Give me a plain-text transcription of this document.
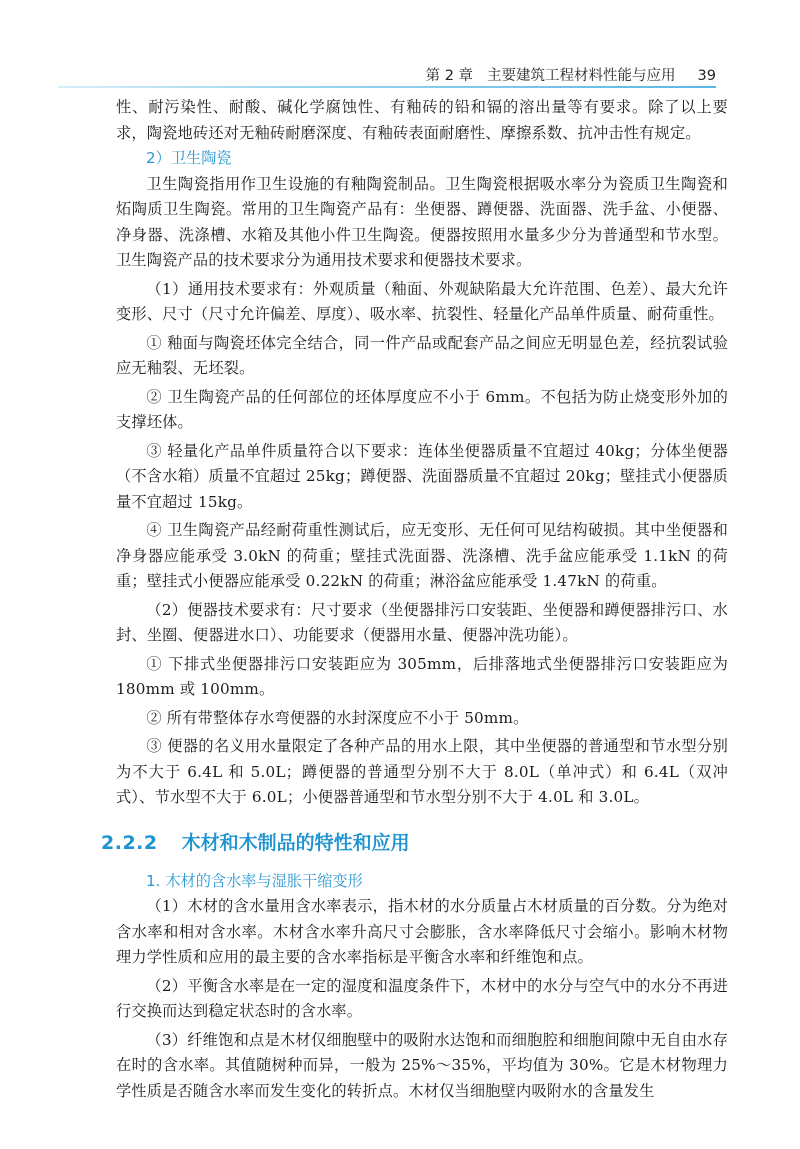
第 2 章 主要建筑工程材料性能与应用 39

性、耐污染性、耐酸、碱化学腐蚀性、有釉砖的铅和镉的溶出量等有要求。除了以上要求，陶瓷地砖还对无釉砖耐磨深度、有釉砖表面耐磨性、摩擦系数、抗冲击性有规定。

2）卫生陶瓷

卫生陶瓷指用作卫生设施的有釉陶瓷制品。卫生陶瓷根据吸水率分为瓷质卫生陶瓷和炻陶质卫生陶瓷。常用的卫生陶瓷产品有：坐便器、蹲便器、洗面器、洗手盆、小便器、净身器、洗涤槽、水箱及其他小件卫生陶瓷。便器按照用水量多少分为普通型和节水型。卫生陶瓷产品的技术要求分为通用技术要求和便器技术要求。

（1）通用技术要求有：外观质量（釉面、外观缺陷最大允许范围、色差）、最大允许变形、尺寸（尺寸允许偏差、厚度）、吸水率、抗裂性、轻量化产品单件质量、耐荷重性。

① 釉面与陶瓷坯体完全结合，同一件产品或配套产品之间应无明显色差，经抗裂试验应无釉裂、无坯裂。

② 卫生陶瓷产品的任何部位的坯体厚度应不小于 6mm。不包括为防止烧变形外加的支撑坯体。

③ 轻量化产品单件质量符合以下要求：连体坐便器质量不宜超过 40kg；分体坐便器（不含水箱）质量不宜超过 25kg；蹲便器、洗面器质量不宜超过 20kg；壁挂式小便器质量不宜超过 15kg。

④ 卫生陶瓷产品经耐荷重性测试后，应无变形、无任何可见结构破损。其中坐便器和净身器应能承受 3.0kN 的荷重；壁挂式洗面器、洗涤槽、洗手盆应能承受 1.1kN 的荷重；壁挂式小便器应能承受 0.22kN 的荷重；淋浴盆应能承受 1.47kN 的荷重。

（2）便器技术要求有：尺寸要求（坐便器排污口安装距、坐便器和蹲便器排污口、水封、坐圈、便器进水口）、功能要求（便器用水量、便器冲洗功能）。

① 下排式坐便器排污口安装距应为 305mm，后排落地式坐便器排污口安装距应为 180mm 或 100mm。

② 所有带整体存水弯便器的水封深度应不小于 50mm。

③ 便器的名义用水量限定了各种产品的用水上限，其中坐便器的普通型和节水型分别为不大于 6.4L 和 5.0L；蹲便器的普通型分别不大于 8.0L（单冲式）和 6.4L（双冲式）、节水型不大于 6.0L；小便器普通型和节水型分别不大于 4.0L 和 3.0L。

2.2.2 木材和木制品的特性和应用
1. 木材的含水率与湿胀干缩变形

（1）木材的含水量用含水率表示，指木材的水分质量占木材质量的百分数。分为绝对含水率和相对含水率。木材含水率升高尺寸会膨胀，含水率降低尺寸会缩小。影响木材物理力学性质和应用的最主要的含水率指标是平衡含水率和纤维饱和点。

（2）平衡含水率是在一定的湿度和温度条件下，木材中的水分与空气中的水分不再进行交换而达到稳定状态时的含水率。

（3）纤维饱和点是木材仅细胞壁中的吸附水达饱和而细胞腔和细胞间隙中无自由水存在时的含水率。其值随树种而异，一般为 25%～35%，平均值为 30%。它是木材物理力学性质是否随含水率而发生变化的转折点。木材仅当细胞壁内吸附水的含量发生
